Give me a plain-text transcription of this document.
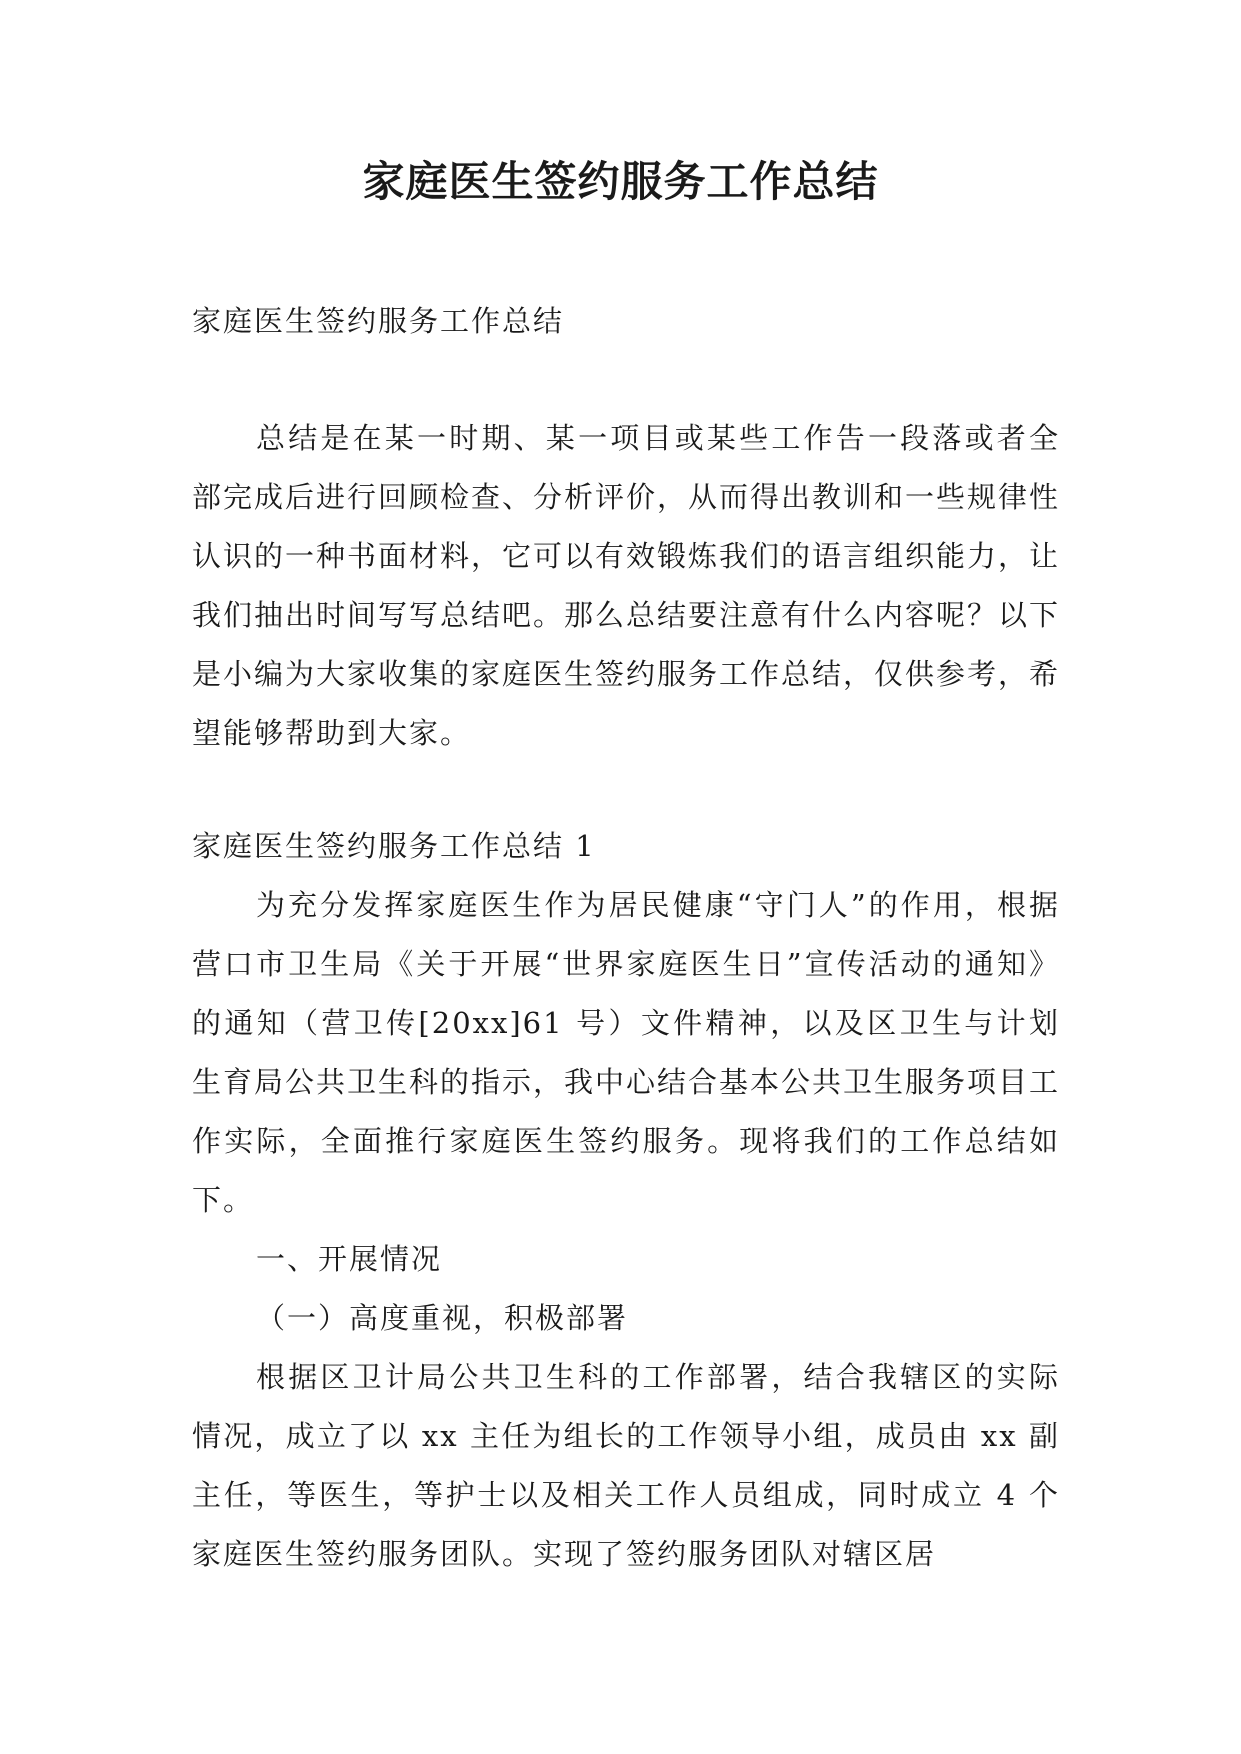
家庭医生签约服务工作总结

家庭医生签约服务工作总结

总结是在某一时期、某一项目或某些工作告一段落或者全部完成后进行回顾检查、分析评价，从而得出教训和一些规律性认识的一种书面材料，它可以有效锻炼我们的语言组织能力，让我们抽出时间写写总结吧。那么总结要注意有什么内容呢？以下是小编为大家收集的家庭医生签约服务工作总结，仅供参考，希望能够帮助到大家。

家庭医生签约服务工作总结 1

为充分发挥家庭医生作为居民健康“守门人”的作用，根据营口市卫生局《关于开展“世界家庭医生日”宣传活动的通知》的通知（营卫传[20xx]61 号）文件精神，以及区卫生与计划生育局公共卫生科的指示，我中心结合基本公共卫生服务项目工作实际，全面推行家庭医生签约服务。现将我们的工作总结如下。

一、开展情况

（一）高度重视，积极部署

根据区卫计局公共卫生科的工作部署，结合我辖区的实际情况，成立了以 xx 主任为组长的工作领导小组，成员由 xx 副主任，等医生，等护士以及相关工作人员组成，同时成立 4 个家庭医生签约服务团队。实现了签约服务团队对辖区居
